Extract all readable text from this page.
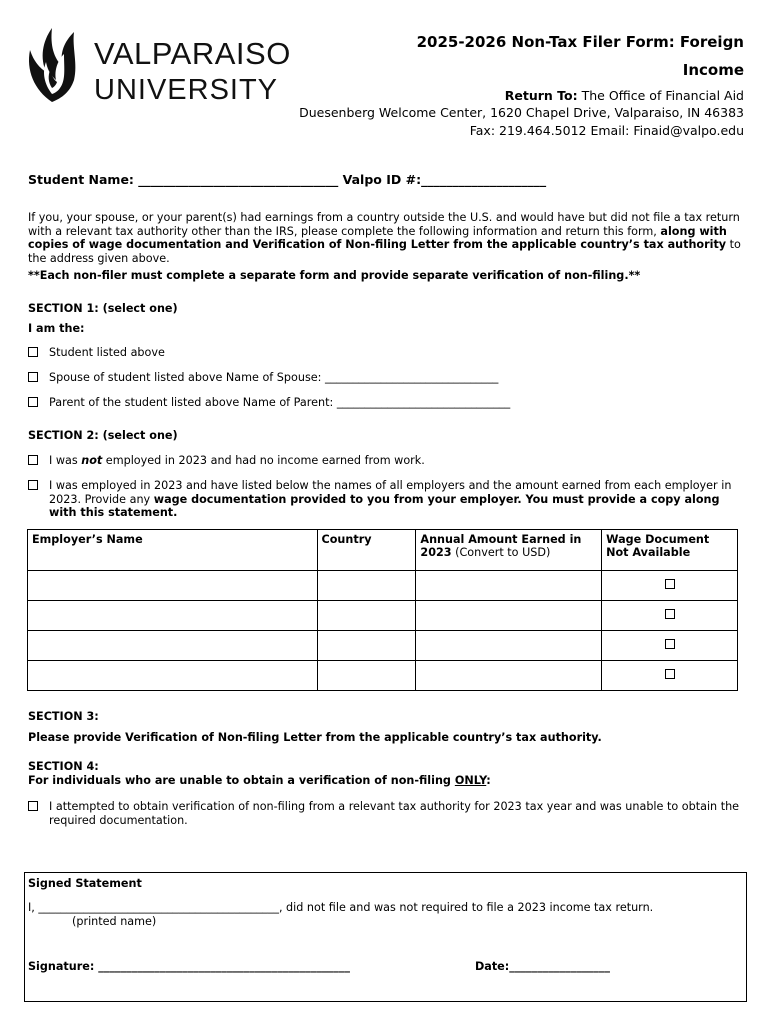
VALPARAISO
UNIVERSITY
2025-2026 Non-Tax Filer Form: Foreign
Income
Return To: The Office of Financial Aid
Duesenberg Welcome Center, 1620 Chapel Drive, Valparaiso, IN 46383
Fax: 219.464.5012 Email: Finaid@valpo.edu
Student Name: ________________________________ Valpo ID #:____________________
If you, your spouse, or your parent(s) had earnings from a country outside the U.S. and would have but did not file a tax return with a relevant tax authority other than the IRS, please complete the following information and return this form, along with copies of wage documentation and Verification of Non-filing Letter from the applicable country’s tax authority to the address given above.
**Each non-filer must complete a separate form and provide separate verification of non-filing.**
SECTION 1: (select one)
I am the:
Student listed above
Spouse of student listed above Name of Spouse: _______________________________
Parent of the student listed above Name of Parent: _______________________________
SECTION 2: (select one)
I was not employed in 2023 and had no income earned from work.
I was employed in 2023 and have listed below the names of all employers and the amount earned from each employer in 2023. Provide any wage documentation provided to you from your employer. You must provide a copy along with this statement.
Employer’s Name	Country	Annual Amount Earned in 2023 (Convert to USD)	Wage Document Not Available

SECTION 3:
Please provide Verification of Non-filing Letter from the applicable country’s tax authority.
SECTION 4:
For individuals who are unable to obtain a verification of non-filing ONLY:
I attempted to obtain verification of non-filing from a relevant tax authority for 2023 tax year and was unable to obtain the required documentation.
Signed Statement
I, ___________________________________________, did not file and was not required to file a 2023 income tax return.
(printed name)
Signature: _____________________________________________	Date:__________________
